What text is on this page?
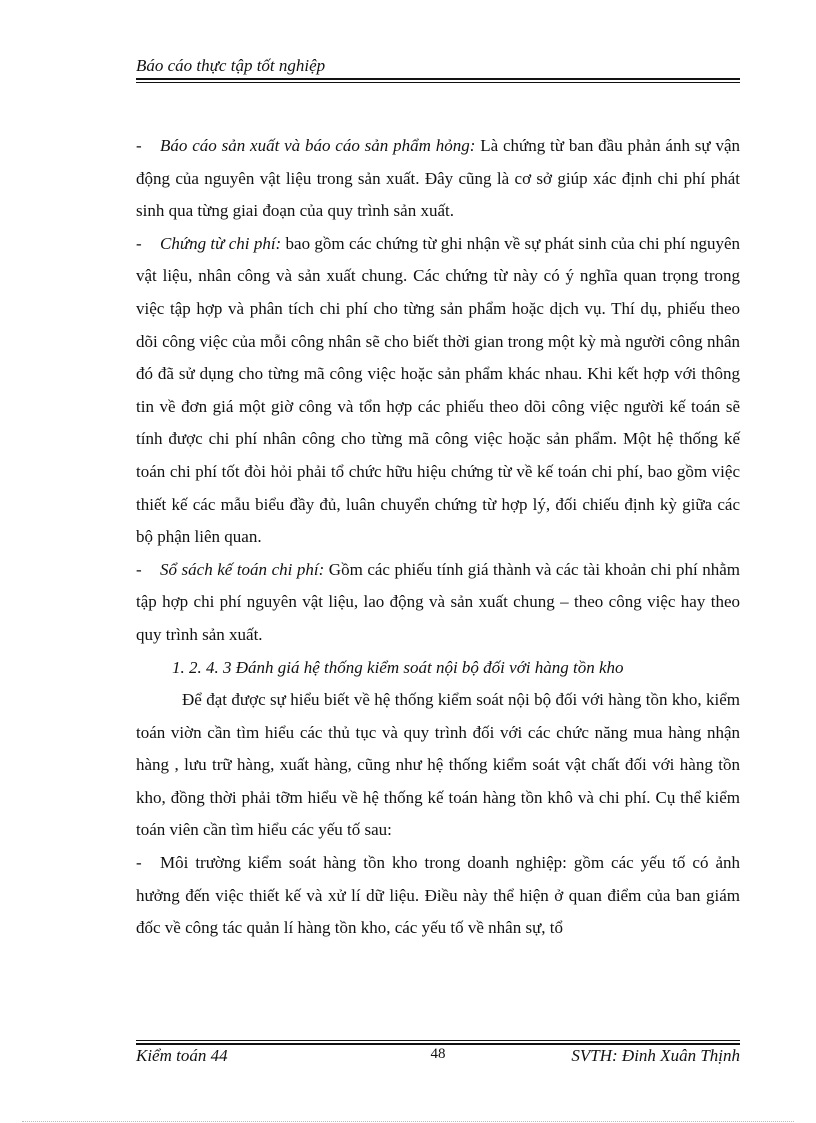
Báo cáo thực tập tốt nghiệp

- Báo cáo sản xuất và báo cáo sản phẩm hỏng: Là chứng từ ban đầu phản ánh sự vận động của nguyên vật liệu trong sản xuất. Đây cũng là cơ sở giúp xác định chi phí phát sinh qua từng giai đoạn của quy trình sản xuất.

- Chứng từ chi phí: bao gồm các chứng từ ghi nhận về sự phát sinh của chi phí nguyên vật liệu, nhân công và sản xuất chung. Các chứng từ này có ý nghĩa quan trọng trong việc tập hợp và phân tích chi phí cho từng sản phẩm hoặc dịch vụ. Thí dụ, phiếu theo dõi công việc của mỗi công nhân sẽ cho biết thời gian trong một kỳ mà người công nhân đó đã sử dụng cho từng mã công việc hoặc sản phẩm khác nhau. Khi kết hợp với thông tin về đơn giá một giờ công và tổn hợp các phiếu theo dõi công việc người kế toán sẽ tính được chi phí nhân công cho từng mã công việc hoặc sản phẩm. Một hệ thống kế toán chi phí tốt đòi hỏi phải tổ chức hữu hiệu chứng từ về kế toán chi phí, bao gồm việc thiết kế các mẫu biểu đầy đủ, luân chuyển chứng từ hợp lý, đối chiếu định kỳ giữa các bộ phận liên quan.

- Sổ sách kế toán chi phí: Gồm các phiếu tính giá thành và các tài khoản chi phí nhằm tập hợp chi phí nguyên vật liệu, lao động và sản xuất chung – theo công việc hay theo quy trình sản xuất.

1. 2. 4. 3 Đánh giá hệ thống kiểm soát nội bộ đối với hàng tồn kho

Để đạt được sự hiểu biết về hệ thống kiểm soát nội bộ đối với hàng tồn kho, kiểm toán viờn cần tìm hiểu các thủ tục và quy trình đối với các chức năng mua hàng nhận hàng , lưu trữ hàng, xuất hàng, cũng như hệ thống kiểm soát vật chất đối với hàng tồn kho, đồng thời phải tỡm hiểu về hệ thống kế toán hàng tồn khô và chi phí. Cụ thể kiểm toán viên cần tìm hiểu các yếu tố sau:

- Môi trường kiểm soát hàng tồn kho trong doanh nghiệp: gồm các yếu tố có ảnh hưởng đến việc thiết kế và xử lí dữ liệu. Điều này thể hiện ở quan điểm của ban giám đốc về công tác quản lí hàng tồn kho, các yếu tố về nhân sự, tổ

Kiểm toán 44	48	SVTH: Đinh Xuân Thịnh
